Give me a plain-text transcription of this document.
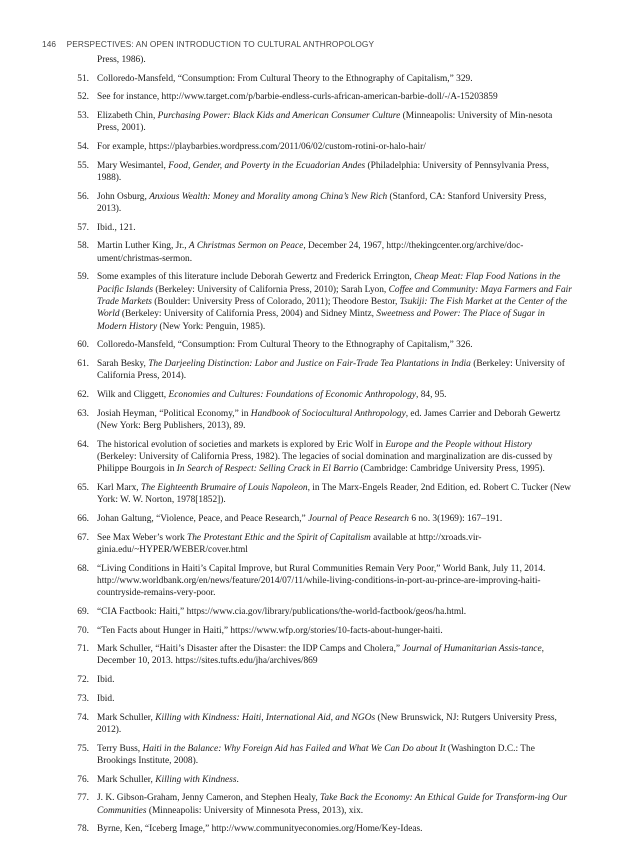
146 PERSPECTIVES: AN OPEN INTRODUCTION TO CULTURAL ANTHROPOLOGY
Press, 1986).
51. Colloredo-Mansfeld, “Consumption: From Cultural Theory to the Ethnography of Capitalism,” 329.
52. See for instance, http://www.target.com/p/barbie-endless-curls-african-american-barbie-doll/-/A-15203859
53. Elizabeth Chin, Purchasing Power: Black Kids and American Consumer Culture (Minneapolis: University of Min-nesota Press, 2001).
54. For example, https://playbarbies.wordpress.com/2011/06/02/custom-rotini-or-halo-hair/
55. Mary Wesimantel, Food, Gender, and Poverty in the Ecuadorian Andes (Philadelphia: University of Pennsylvania Press, 1988).
56. John Osburg, Anxious Wealth: Money and Morality among China’s New Rich (Stanford, CA: Stanford University Press, 2013).
57. Ibid., 121.
58. Martin Luther King, Jr., A Christmas Sermon on Peace, December 24, 1967, http://thekingcenter.org/archive/doc-ument/christmas-sermon.
59. Some examples of this literature include Deborah Gewertz and Frederick Errington, Cheap Meat: Flap Food Nations in the Pacific Islands (Berkeley: University of California Press, 2010); Sarah Lyon, Coffee and Community: Maya Farmers and Fair Trade Markets (Boulder: University Press of Colorado, 2011); Theodore Bestor, Tsukiji: The Fish Market at the Center of the World (Berkeley: University of California Press, 2004) and Sidney Mintz, Sweetness and Power: The Place of Sugar in Modern History (New York: Penguin, 1985).
60. Colloredo-Mansfeld, “Consumption: From Cultural Theory to the Ethnography of Capitalism,” 326.
61. Sarah Besky, The Darjeeling Distinction: Labor and Justice on Fair-Trade Tea Plantations in India (Berkeley: University of California Press, 2014).
62. Wilk and Cliggett, Economies and Cultures: Foundations of Economic Anthropology, 84, 95.
63. Josiah Heyman, “Political Economy,” in Handbook of Sociocultural Anthropology, ed. James Carrier and Deborah Gewertz (New York: Berg Publishers, 2013), 89.
64. The historical evolution of societies and markets is explored by Eric Wolf in Europe and the People without History (Berkeley: University of California Press, 1982). The legacies of social domination and marginalization are dis-cussed by Philippe Bourgois in In Search of Respect: Selling Crack in El Barrio (Cambridge: Cambridge University Press, 1995).
65. Karl Marx, The Eighteenth Brumaire of Louis Napoleon, in The Marx-Engels Reader, 2nd Edition, ed. Robert C. Tucker (New York: W. W. Norton, 1978[1852]).
66. Johan Galtung, “Violence, Peace, and Peace Research,” Journal of Peace Research 6 no. 3(1969): 167–191.
67. See Max Weber’s work The Protestant Ethic and the Spirit of Capitalism available at http://xroads.vir-ginia.edu/~HYPER/WEBER/cover.html
68. “Living Conditions in Haiti’s Capital Improve, but Rural Communities Remain Very Poor,” World Bank, July 11, 2014. http://www.worldbank.org/en/news/feature/2014/07/11/while-living-conditions-in-port-au-prince-are-improving-haiti-countryside-remains-very-poor.
69. “CIA Factbook: Haiti,” https://www.cia.gov/library/publications/the-world-factbook/geos/ha.html.
70. “Ten Facts about Hunger in Haiti,” https://www.wfp.org/stories/10-facts-about-hunger-haiti.
71. Mark Schuller, “Haiti’s Disaster after the Disaster: the IDP Camps and Cholera,” Journal of Humanitarian Assis-tance, December 10, 2013. https://sites.tufts.edu/jha/archives/869
72. Ibid.
73. Ibid.
74. Mark Schuller, Killing with Kindness: Haiti, International Aid, and NGOs (New Brunswick, NJ: Rutgers University Press, 2012).
75. Terry Buss, Haiti in the Balance: Why Foreign Aid has Failed and What We Can Do about It (Washington D.C.: The Brookings Institute, 2008).
76. Mark Schuller, Killing with Kindness.
77. J. K. Gibson-Graham, Jenny Cameron, and Stephen Healy, Take Back the Economy: An Ethical Guide for Transform-ing Our Communities (Minneapolis: University of Minnesota Press, 2013), xix.
78. Byrne, Ken, “Iceberg Image,” http://www.communityeconomies.org/Home/Key-Ideas.
